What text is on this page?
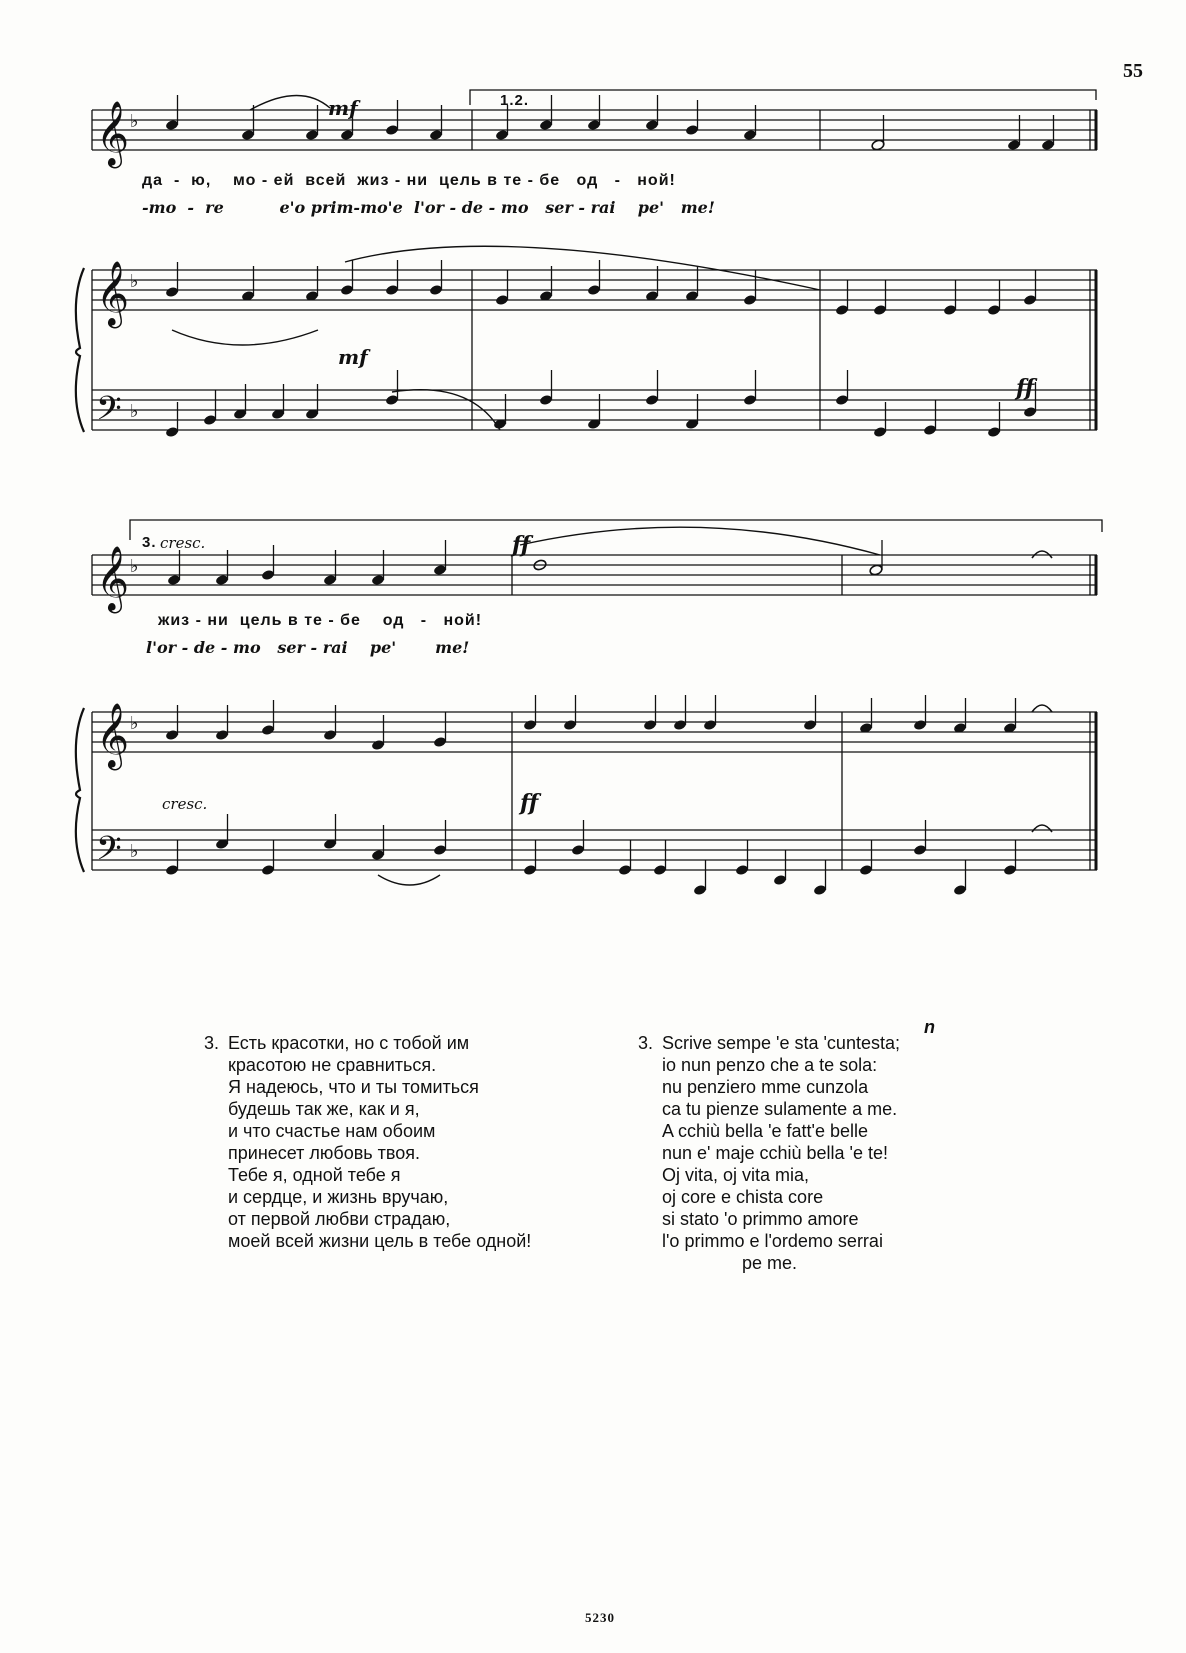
55
𝄞
𝄞
𝄢
♭
♭
♭
𝄞
𝄞
𝄢
♭
♭
♭
mf	1.2.
да  ‑  ю,    мо ‑ ей  всей  жиз ‑ ни  цель в те ‑ бе   од   ‑   ной!
‑mo  ‑  re          e'o prim‑mo'e  l'or ‑ de ‑ mo   ser ‑ rai    pe'   me!
mf
ff
3. cresc.	ff
жиз ‑ ни  цель в те ‑ бе    од   ‑   ной!
l'or ‑ de ‑ mo   ser ‑ rai    pe'       me!
cresc.	ff
3. Есть красотки, но с тобой им
красотою не сравниться.
Я надеюсь, что и ты томиться
будешь так же, как и я,
и что счастье нам обоим
принесет любовь твоя.
Тебе я, одной тебе я
и сердце, и жизнь вручаю,
от первой любви страдаю,
моей всей жизни цель в тебе одной!
3. Scrive sempe 'e sta 'cuntesta;
io nun penzo che a te sola:
nu penziero mme cunzola
ca tu pienze sulamente a me.
A cchiù bella 'e fatt'e belle
nun e' maje cchiù bella 'e te!
Oj vita, oj vita mia,
oj core e chista core
si stato 'o primmo amore
l'o primmo e l'ordemo serrai
pe me.
n
5230
